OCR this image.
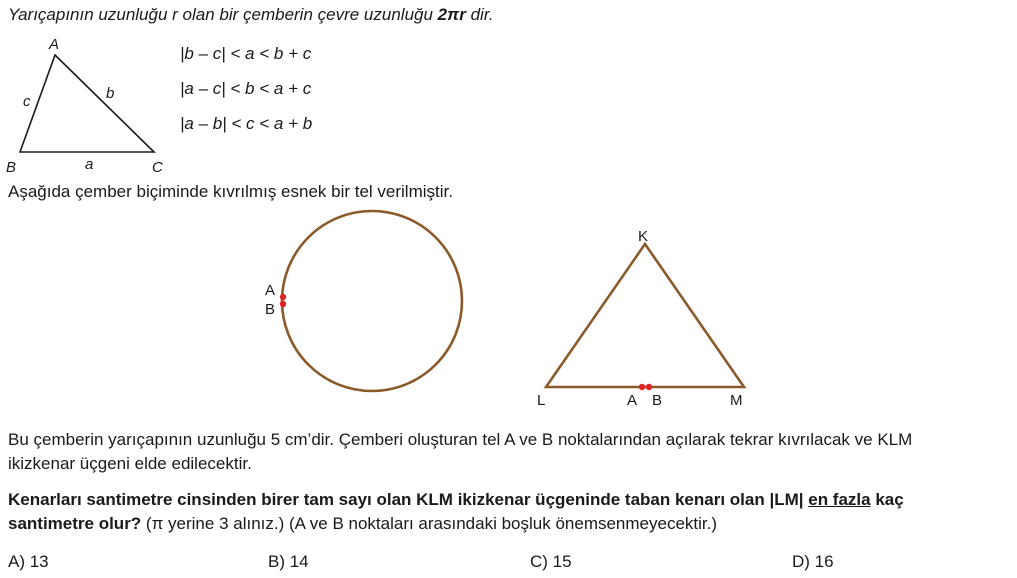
Yarıçapının uzunluğu r olan bir çemberin çevre uzunluğu 2πr dir.
|b – c| < a < b + c
|a – c| < b < a + c
|a – b| < c < a + b
Aşağıda çember biçiminde kıvrılmış esnek bir tel verilmiştir.
A
B	C
a
b
c
A
B
K
L	M
A B
Bu çemberin yarıçapının uzunluğu 5 cm’dir. Çemberi oluşturan tel A ve B noktalarından açılarak tekrar kıvrılacak ve KLM
ikizkenar üçgeni elde edilecektir.
Kenarları santimetre cinsinden birer tam sayı olan KLM ikizkenar üçgeninde taban kenarı olan |LM| en fazla kaç
santimetre olur? (π yerine 3 alınız.) (A ve B noktaları arasındaki boşluk önemsenmeyecektir.)
A) 13	B) 14	C) 15	D) 16
